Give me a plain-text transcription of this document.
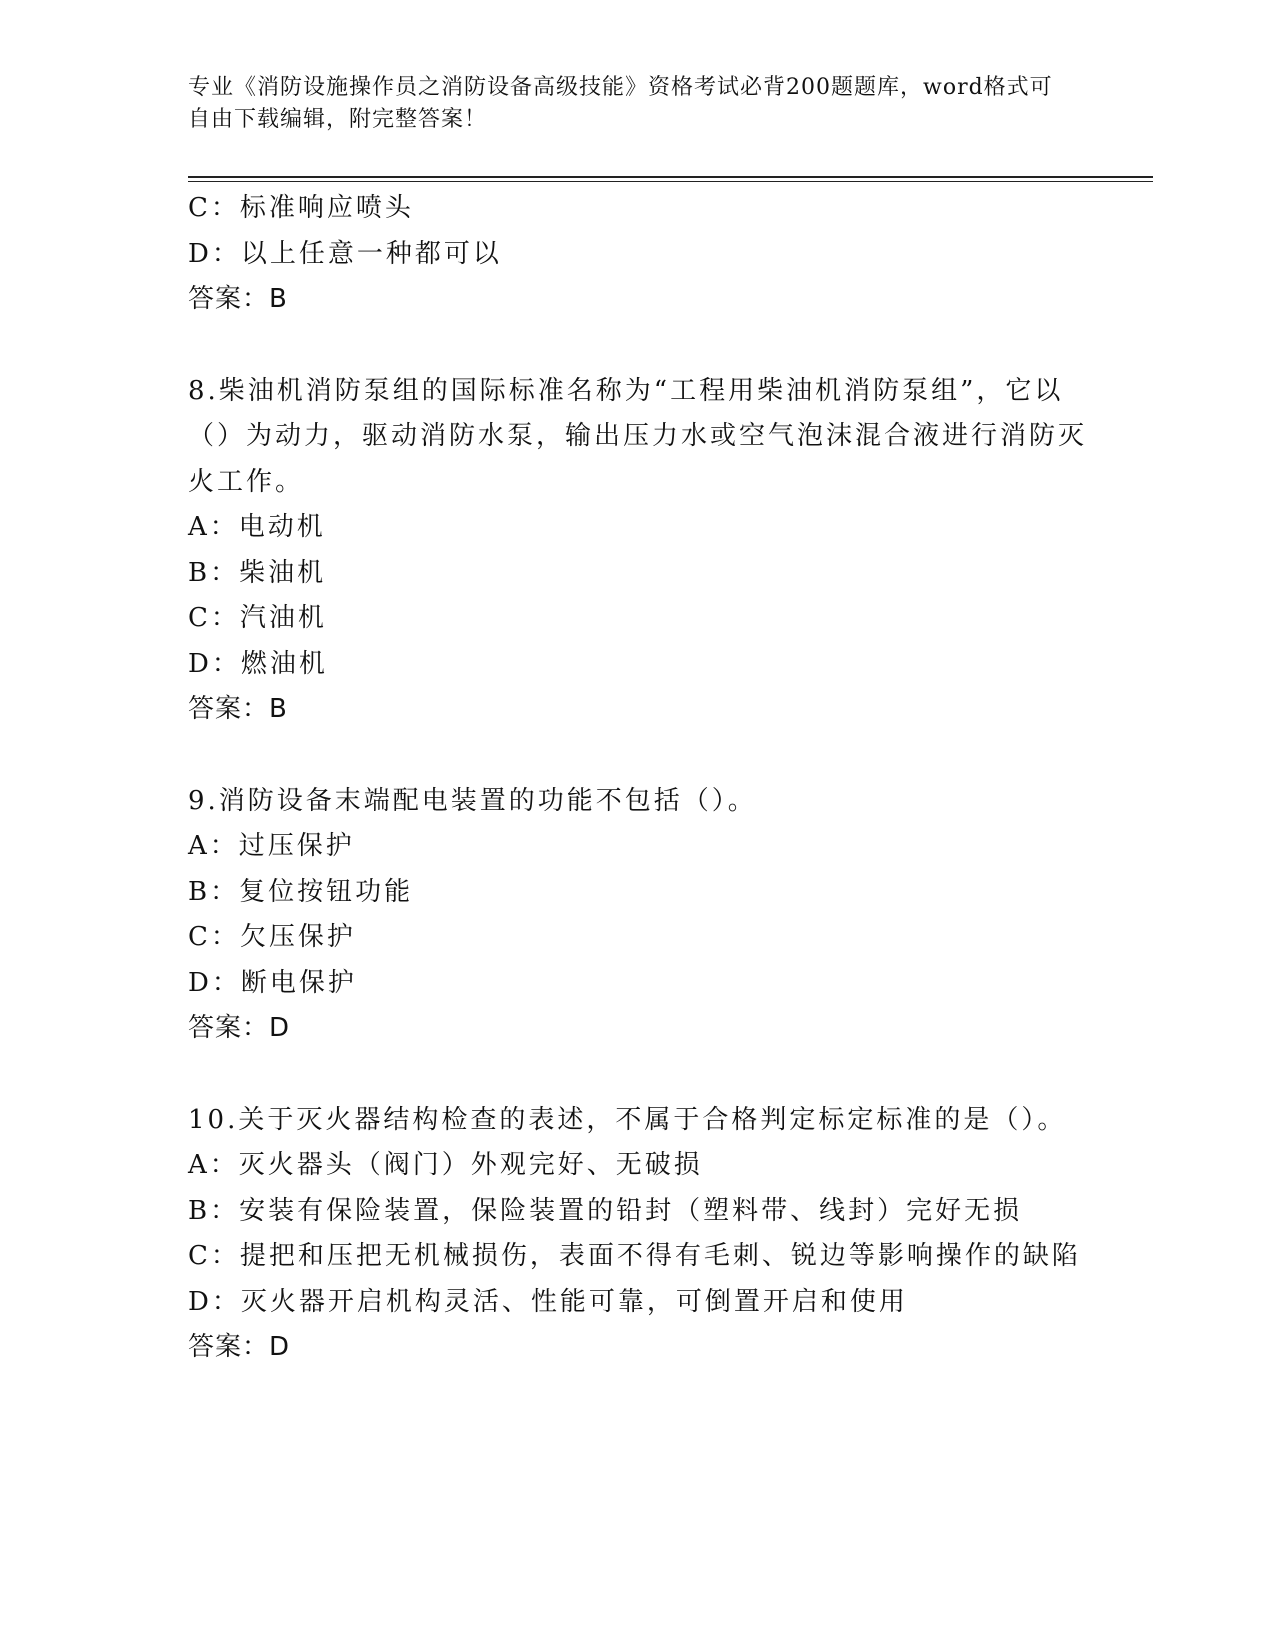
专业《消防设施操作员之消防设备高级技能》资格考试必背200题题库，word格式可自由下载编辑，附完整答案！
C：标准响应喷头
D：以上任意一种都可以
答案：B
8.柴油机消防泵组的国际标准名称为“工程用柴油机消防泵组”，它以（）为动力，驱动消防水泵，输出压力水或空气泡沫混合液进行消防灭火工作。
A：电动机
B：柴油机
C：汽油机
D：燃油机
答案：B
9.消防设备末端配电装置的功能不包括（）。
A：过压保护
B：复位按钮功能
C：欠压保护
D：断电保护
答案：D
10.关于灭火器结构检查的表述，不属于合格判定标定标准的是（）。
A：灭火器头（阀门）外观完好、无破损
B：安装有保险装置，保险装置的铅封（塑料带、线封）完好无损
C：提把和压把无机械损伤，表面不得有毛刺、锐边等影响操作的缺陷
D：灭火器开启机构灵活、性能可靠，可倒置开启和使用
答案：D
